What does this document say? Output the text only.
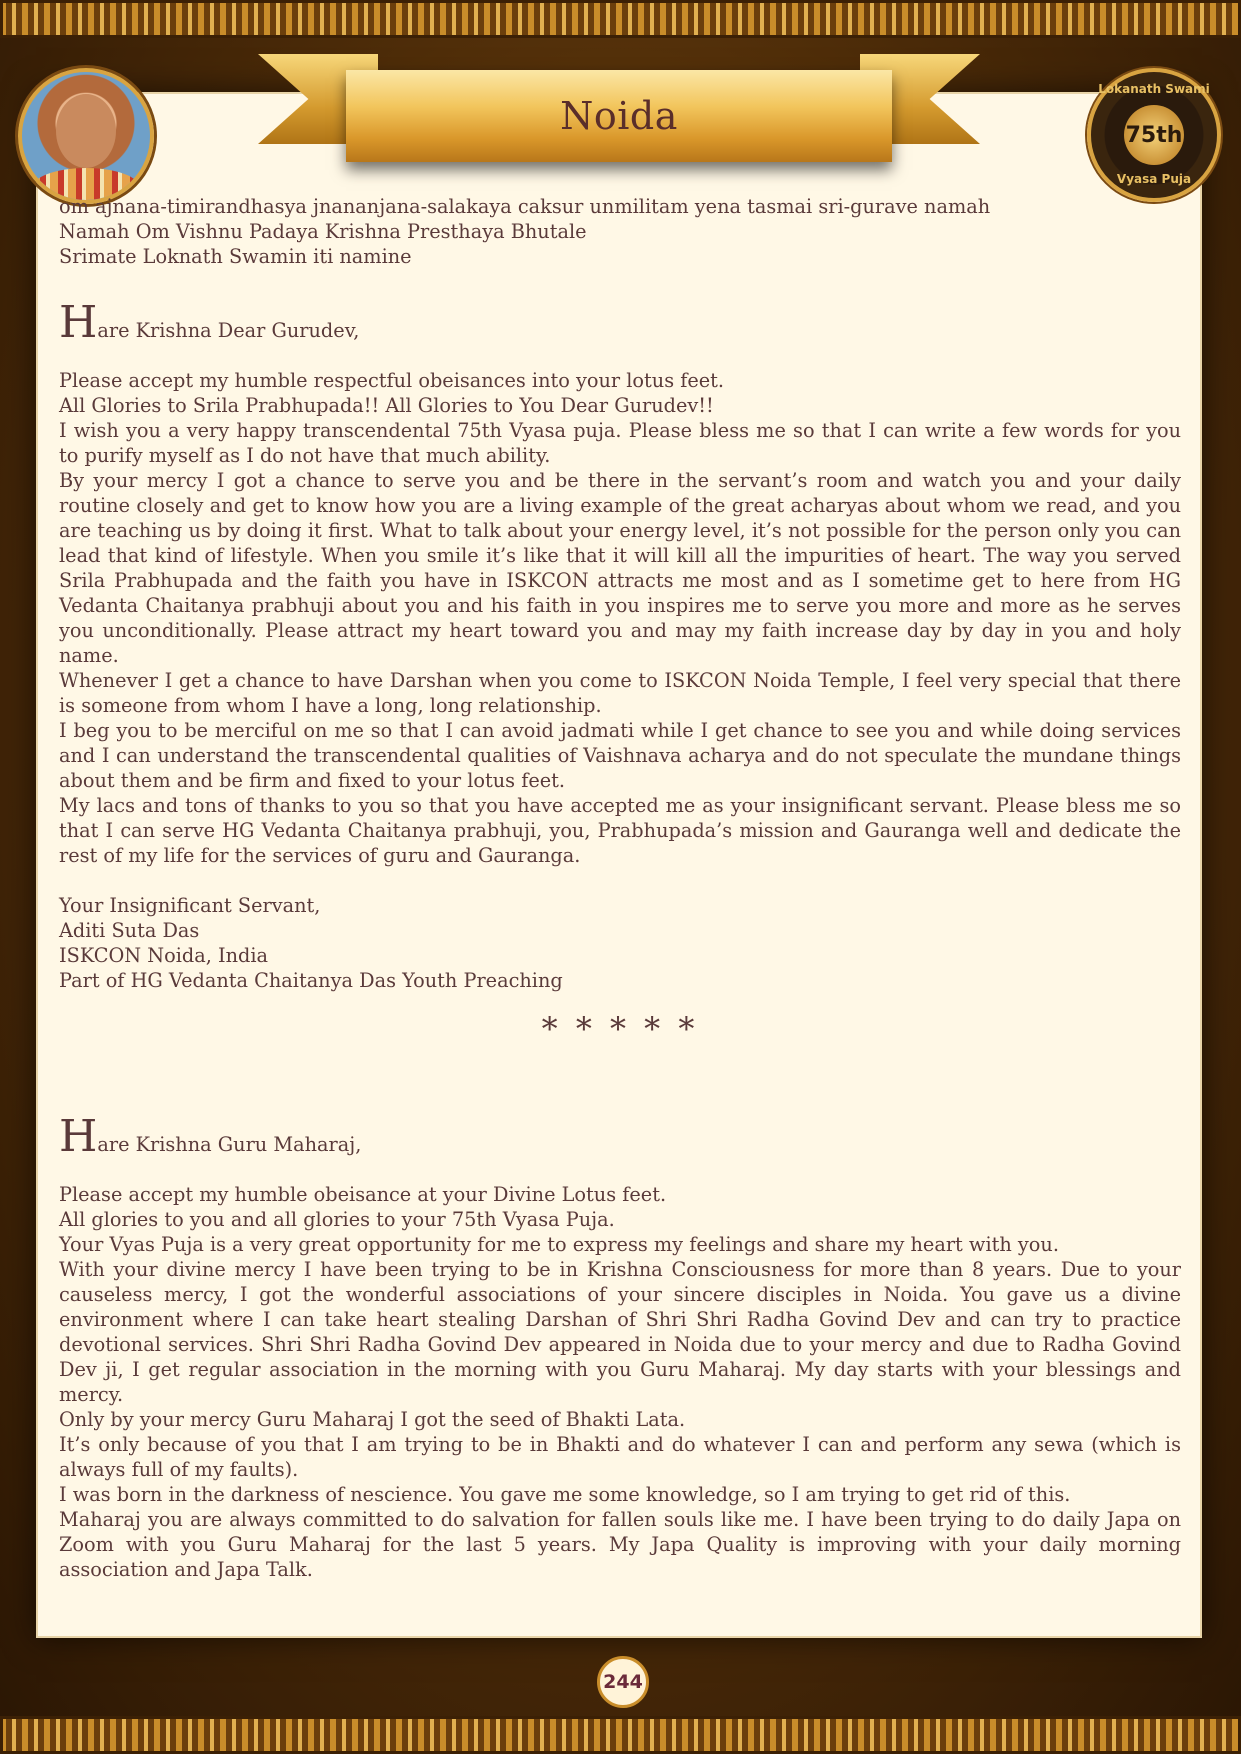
Noida
Lokanath Swami
75th
Vyasa Puja

om ajnana-timirandhasya jnananjana-salakaya caksur unmilitam yena tasmai sri-gurave namah

Namah Om Vishnu Padaya Krishna Presthaya Bhutale

Srimate Loknath Swamin iti namine

Hare Krishna Dear Gurudev,

Please accept my humble respectful obeisances into your lotus feet.

All Glories to Srila Prabhupada!! All Glories to You Dear Gurudev!!

I wish you a very happy transcendental 75th Vyasa puja. Please bless me so that I can write a few words for you to purify myself as I do not have that much ability.

By your mercy I got a chance to serve you and be there in the servant’s room and watch you and your daily routine closely and get to know how you are a living example of the great acharyas about whom we read, and you are teaching us by doing it first. What to talk about your energy level, it’s not possible for the person only you can lead that kind of lifestyle. When you smile it’s like that it will kill all the impurities of heart. The way you served Srila Prabhupada and the faith you have in ISKCON attracts me most and as I sometime get to here from HG Vedanta Chaitanya prabhuji about you and his faith in you inspires me to serve you more and more as he serves you unconditionally. Please attract my heart toward you and may my faith increase day by day in you and holy name.

Whenever I get a chance to have Darshan when you come to ISKCON Noida Temple, I feel very special that there is someone from whom I have a long, long relationship.

I beg you to be merciful on me so that I can avoid jadmati while I get chance to see you and while doing services and I can understand the transcendental qualities of Vaishnava acharya and do not speculate the mundane things about them and be firm and fixed to your lotus feet.

My lacs and tons of thanks to you so that you have accepted me as your insignificant servant. Please bless me so that I can serve HG Vedanta Chaitanya prabhuji, you, Prabhupada’s mission and Gauranga well and dedicate the rest of my life for the services of guru and Gauranga.

Your Insignificant Servant,

Aditi Suta Das

ISKCON Noida, India

Part of HG Vedanta Chaitanya Das Youth Preaching

* * * * *

Hare Krishna Guru Maharaj,

Please accept my humble obeisance at your Divine Lotus feet.

All glories to you and all glories to your 75th Vyasa Puja.

Your Vyas Puja is a very great opportunity for me to express my feelings and share my heart with you.

With your divine mercy I have been trying to be in Krishna Consciousness for more than 8 years. Due to your causeless mercy, I got the wonderful associations of your sincere disciples in Noida. You gave us a divine environment where I can take heart stealing Darshan of Shri Shri Radha Govind Dev and can try to practice devotional services. Shri Shri Radha Govind Dev appeared in Noida due to your mercy and due to Radha Govind Dev ji, I get regular association in the morning with you Guru Maharaj. My day starts with your blessings and mercy.

Only by your mercy Guru Maharaj I got the seed of Bhakti Lata.

It’s only because of you that I am trying to be in Bhakti and do whatever I can and perform any sewa (which is always full of my faults).

I was born in the darkness of nescience. You gave me some knowledge, so I am trying to get rid of this.

Maharaj you are always committed to do salvation for fallen souls like me. I have been trying to do daily Japa on Zoom with you Guru Maharaj for the last 5 years. My Japa Quality is improving with your daily morning association and Japa Talk.

244
